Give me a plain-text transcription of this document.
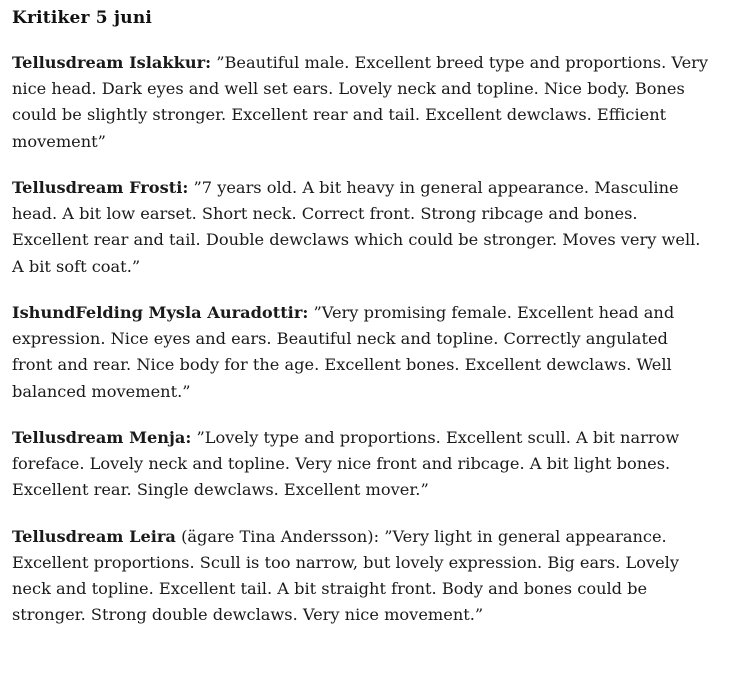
Kritiker 5 juni

Tellusdream Islakkur: ”Beautiful male. Excellent breed type and proportions. Very nice head. Dark eyes and well set ears. Lovely neck and topline. Nice body. Bones could be slightly stronger. Excellent rear and tail. Excellent dewclaws. Efficient movement”

Tellusdream Frosti: ”7 years old. A bit heavy in general appearance. Masculine head. A bit low earset. Short neck. Correct front. Strong ribcage and bones. Excellent rear and tail. Double dewclaws which could be stronger. Moves very well. A bit soft coat.”

IshundFelding Mysla Auradottir: ”Very promising female. Excellent head and expression. Nice eyes and ears. Beautiful neck and topline. Correctly angulated front and rear. Nice body for the age. Excellent bones. Excellent dewclaws. Well balanced movement.”

Tellusdream Menja: ”Lovely type and proportions. Excellent scull. A bit narrow foreface. Lovely neck and topline. Very nice front and ribcage. A bit light bones. Excellent rear. Single dewclaws. Excellent mover.”

Tellusdream Leira (ägare Tina Andersson): ”Very light in general appearance. Excellent proportions. Scull is too narrow, but lovely expression. Big ears. Lovely neck and topline. Excellent tail. A bit straight front. Body and bones could be stronger. Strong double dewclaws. Very nice movement.”
